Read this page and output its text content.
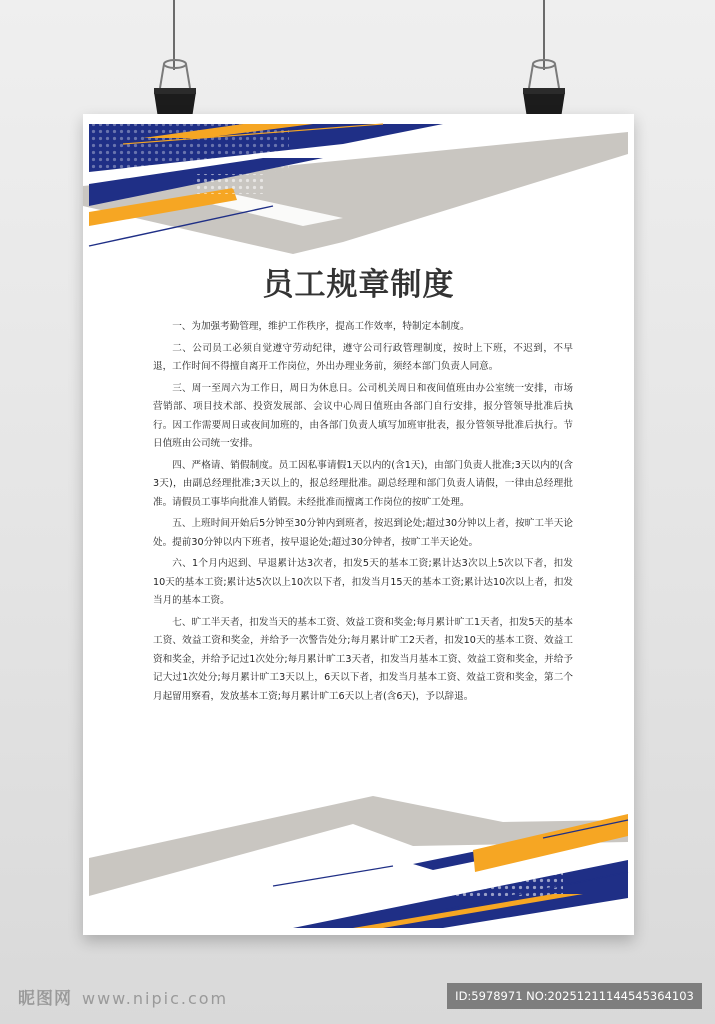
员工规章制度

一、为加强考勤管理，维护工作秩序，提高工作效率，特制定本制度。

二、公司员工必须自觉遵守劳动纪律，遵守公司行政管理制度，按时上下班，不迟到，不早退，工作时间不得擅自离开工作岗位，外出办理业务前，须经本部门负责人同意。

三、周一至周六为工作日，周日为休息日。公司机关周日和夜间值班由办公室统一安排，市场营销部、项目技术部、投资发展部、会议中心周日值班由各部门自行安排，报分管领导批准后执行。因工作需要周日或夜间加班的，由各部门负责人填写加班审批表，报分管领导批准后执行。节日值班由公司统一安排。

四、严格请、销假制度。员工因私事请假1天以内的(含1天)，由部门负责人批准;3天以内的(含3天)，由副总经理批准;3天以上的，报总经理批准。副总经理和部门负责人请假，一律由总经理批准。请假员工事毕向批准人销假。未经批准而擅离工作岗位的按旷工处理。

五、上班时间开始后5分钟至30分钟内到班者，按迟到论处;超过30分钟以上者，按旷工半天论处。提前30分钟以内下班者，按早退论处;超过30分钟者，按旷工半天论处。

六、1个月内迟到、早退累计达3次者，扣发5天的基本工资;累计达3次以上5次以下者，扣发10天的基本工资;累计达5次以上10次以下者，扣发当月15天的基本工资;累计达10次以上者，扣发当月的基本工资。

七、旷工半天者，扣发当天的基本工资、效益工资和奖金;每月累计旷工1天者，扣发5天的基本工资、效益工资和奖金，并给予一次警告处分;每月累计旷工2天者，扣发10天的基本工资、效益工资和奖金，并给予记过1次处分;每月累计旷工3天者，扣发当月基本工资、效益工资和奖金，并给予记大过1次处分;每月累计旷工3天以上，6天以下者，扣发当月基本工资、效益工资和奖金，第二个月起留用察看，发放基本工资;每月累计旷工6天以上者(含6天)，予以辞退。

昵图网 www.nipic.com	ID:5978971 NO:20251211144545364103
